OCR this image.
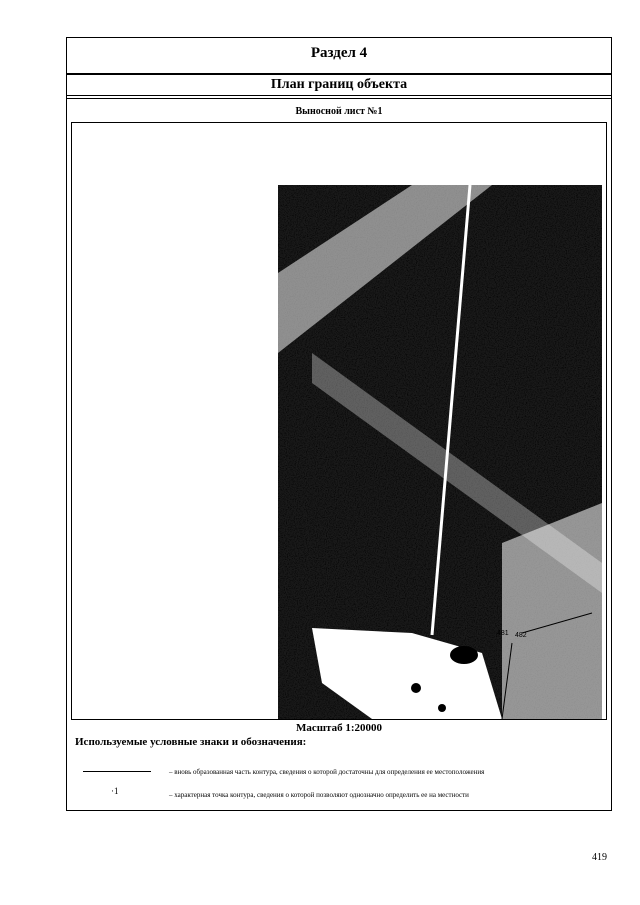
Раздел 4
План границ объекта
Выносной лист №1
481 482
Масштаб 1:20000
Используемые условные знаки и обозначения:
– вновь образованная часть контура, сведения о которой достаточны для определения ее местоположения
·1	– характерная точка контура, сведения о которой позволяют однозначно определить ее на местности
419
